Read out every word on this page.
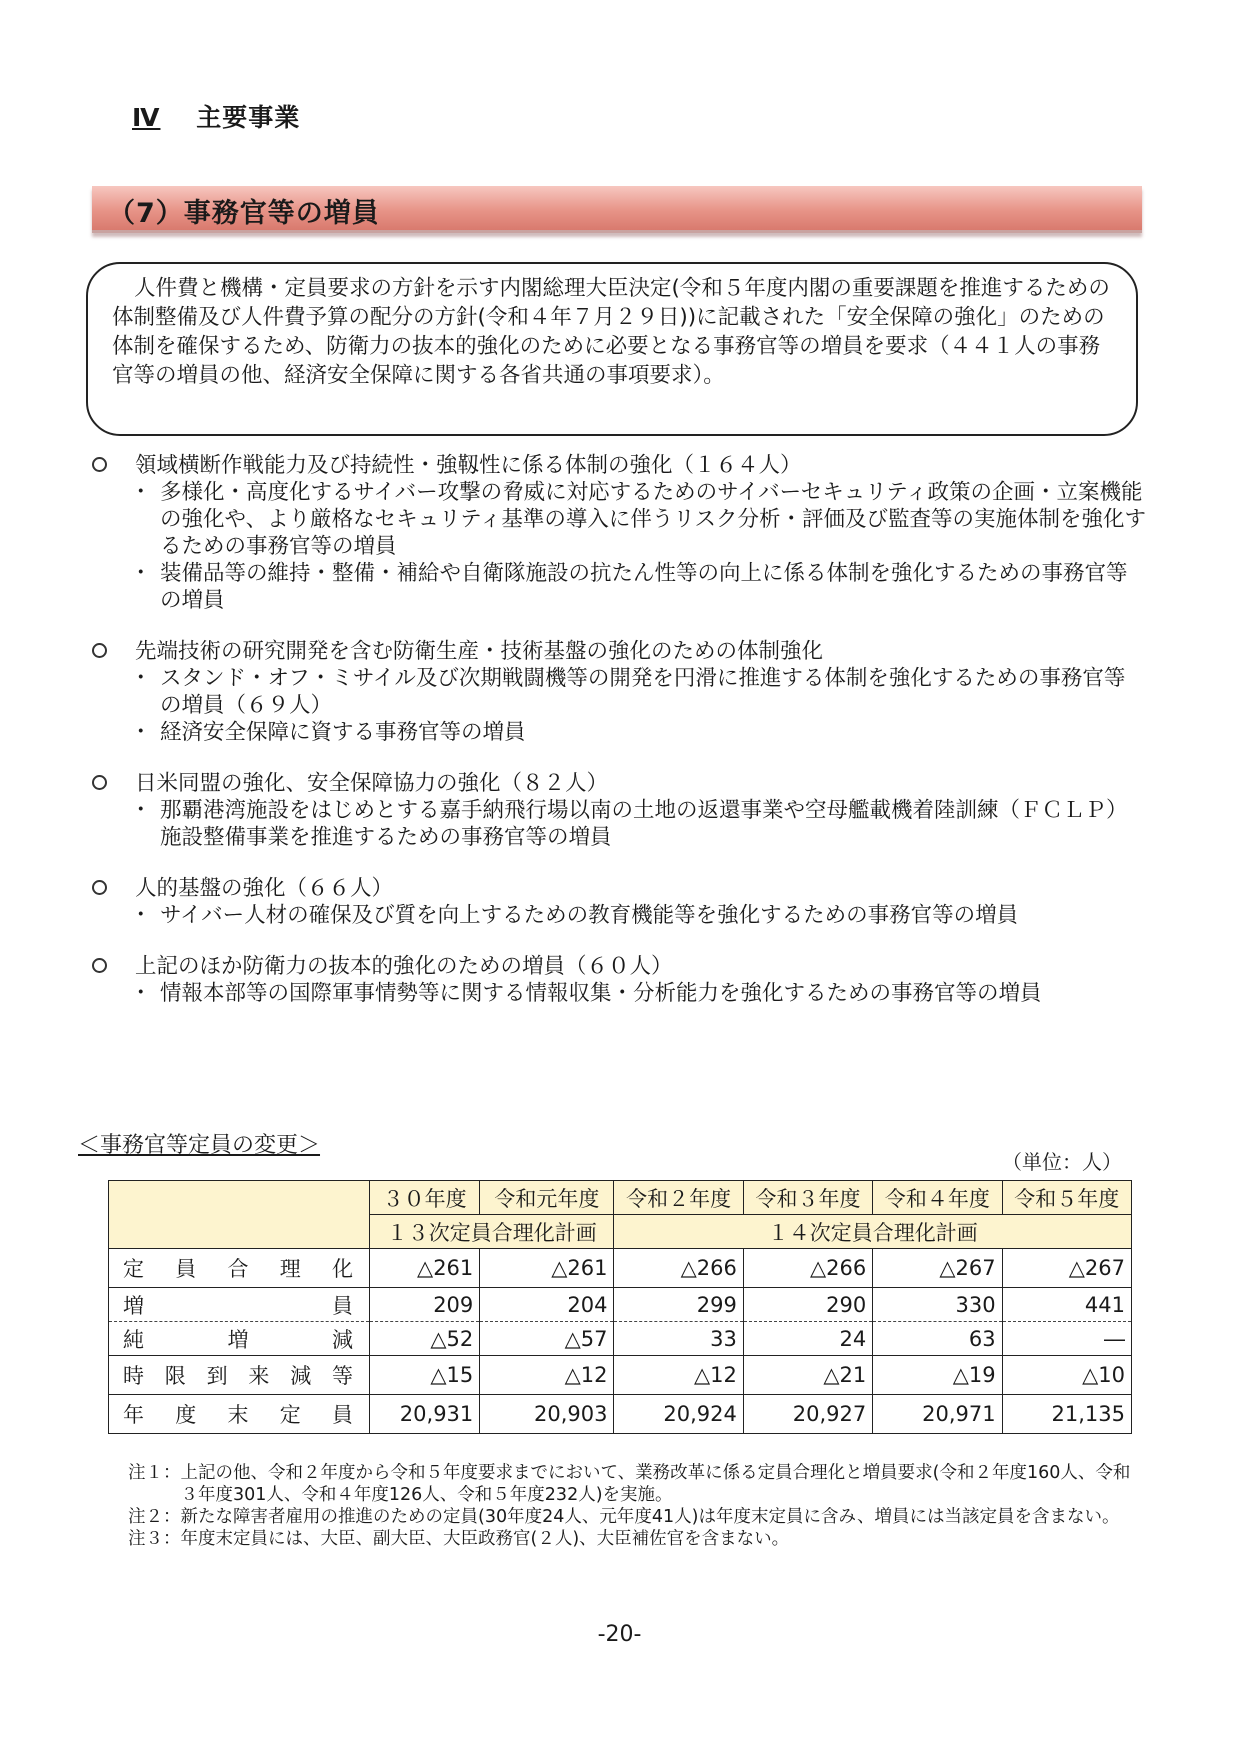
Ⅳ 主要事業
（7）事務官等の増員
人件費と機構・定員要求の方針を示す内閣総理大臣決定(令和５年度内閣の重要課題を推進するための体制整備及び人件費予算の配分の方針(令和４年７月２９日))に記載された「安全保障の強化」のための体制を確保するため、防衛力の抜本的強化のために必要となる事務官等の増員を要求（４４１人の事務官等の増員の他、経済安全保障に関する各省共通の事項要求）。
領域横断作戦能力及び持続性・強靱性に係る体制の強化（１６４人）
・ 多様化・高度化するサイバー攻撃の脅威に対応するためのサイバーセキュリティ政策の企画・立案機能の強化や、より厳格なセキュリティ基準の導入に伴うリスク分析・評価及び監査等の実施体制を強化するための事務官等の増員
・ 装備品等の維持・整備・補給や自衛隊施設の抗たん性等の向上に係る体制を強化するための事務官等の増員
先端技術の研究開発を含む防衛生産・技術基盤の強化のための体制強化
・ スタンド・オフ・ミサイル及び次期戦闘機等の開発を円滑に推進する体制を強化するための事務官等の増員（６９人）
・ 経済安全保障に資する事務官等の増員
日米同盟の強化、安全保障協力の強化（８２人）
・ 那覇港湾施設をはじめとする嘉手納飛行場以南の土地の返還事業や空母艦載機着陸訓練（ＦＣＬＰ）施設整備事業を推進するための事務官等の増員
人的基盤の強化（６６人）
・ サイバー人材の確保及び質を向上するための教育機能等を強化するための事務官等の増員
上記のほか防衛力の抜本的強化のための増員（６０人）
・ 情報本部等の国際軍事情勢等に関する情報収集・分析能力を強化するための事務官等の増員
＜事務官等定員の変更＞
（単位：人）
	３０年度	令和元年度	令和２年度	令和３年度	令和４年度	令和５年度
	１３次定員合理化計画		１４次定員合理化計画			
定員合理化	△261	△261	△266	△266	△267	△267
増員	209	204	299	290	330	441
純増減	△52	△57	33	24	63	―
時限到来減等	△15	△12	△12	△21	△19	△10
年度末定員	20,931	20,903	20,924	20,927	20,971	21,135
注１： 上記の他、令和２年度から令和５年度要求までにおいて、業務改革に係る定員合理化と増員要求(令和２年度160人、令和３年度301人、令和４年度126人、令和５年度232人)を実施。
注２： 新たな障害者雇用の推進のための定員(30年度24人、元年度41人)は年度末定員に含み、増員には当該定員を含まない。
注３： 年度末定員には、大臣、副大臣、大臣政務官(２人)、大臣補佐官を含まない。
-20-
